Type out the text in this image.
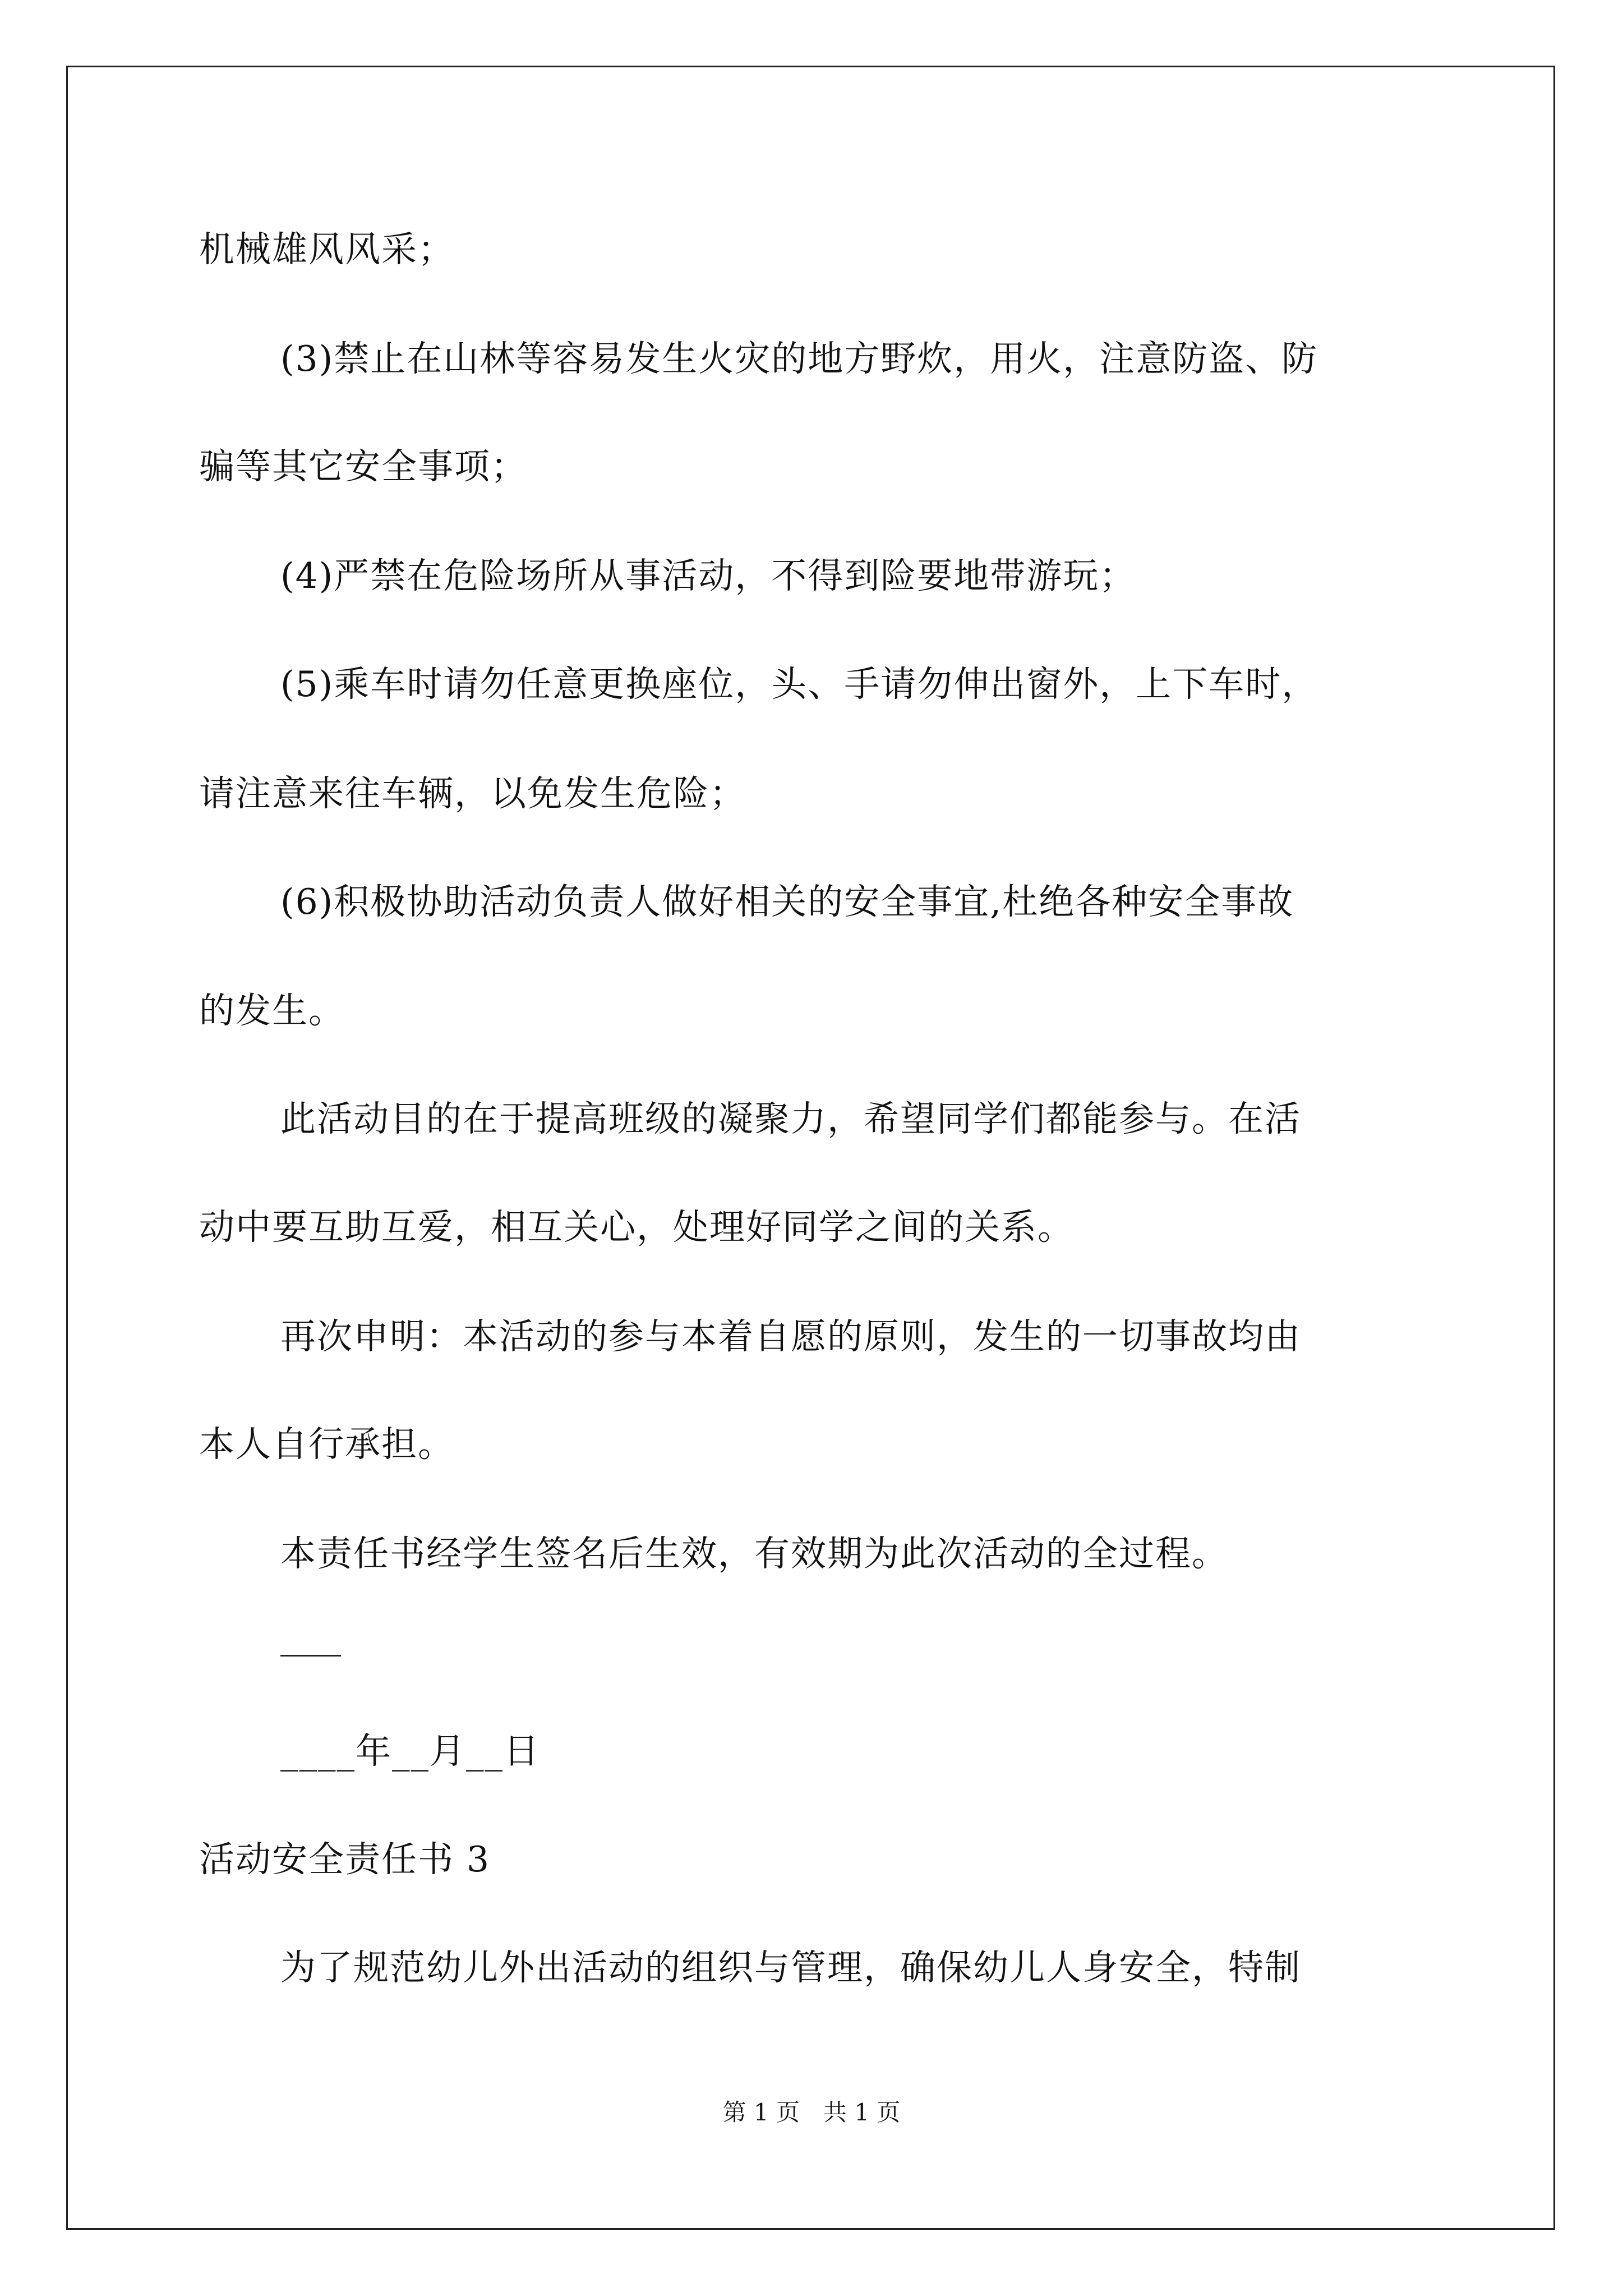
机械雄风风采；
(3)禁止在山林等容易发生火灾的地方野炊，用火，注意防盗、防
骗等其它安全事项；
(4)严禁在危险场所从事活动，不得到险要地带游玩；
(5)乘车时请勿任意更换座位，头、手请勿伸出窗外，上下车时，
请注意来往车辆，以免发生危险；
(6)积极协助活动负责人做好相关的安全事宜,杜绝各种安全事故
的发生。
此活动目的在于提高班级的凝聚力，希望同学们都能参与。在活
动中要互助互爱，相互关心，处理好同学之间的关系。
再次申明：本活动的参与本着自愿的原则，发生的一切事故均由
本人自行承担。
本责任书经学生签名后生效，有效期为此次活动的全过程。
____年__月__日
活动安全责任书 3
为了规范幼儿外出活动的组织与管理，确保幼儿人身安全，特制
第 1 页　共 1 页
